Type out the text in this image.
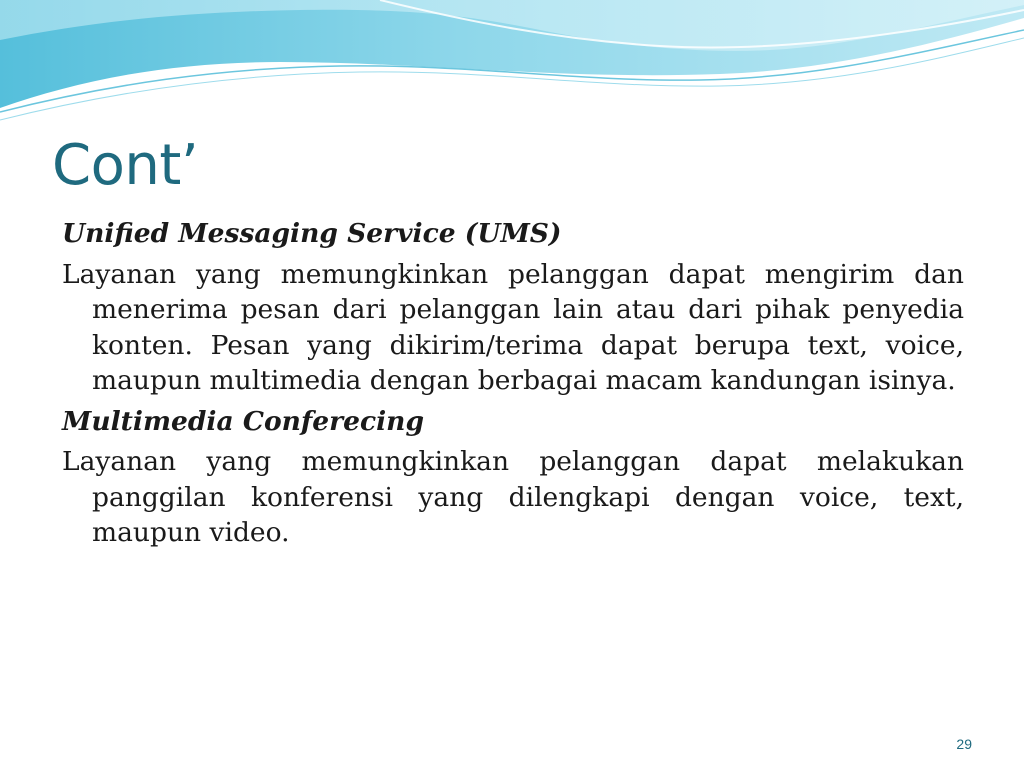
Cont’

Unified Messaging Service (UMS)

Layanan yang memungkinkan pelanggan dapat mengirim dan menerima pesan dari pelanggan lain atau dari pihak penyedia konten. Pesan yang dikirim/terima dapat berupa text, voice, maupun multimedia dengan berbagai macam kandungan isinya.

Multimedia Conferecing

Layanan yang memungkinkan pelanggan dapat melakukan panggilan konferensi yang dilengkapi dengan voice, text, maupun video.

29
